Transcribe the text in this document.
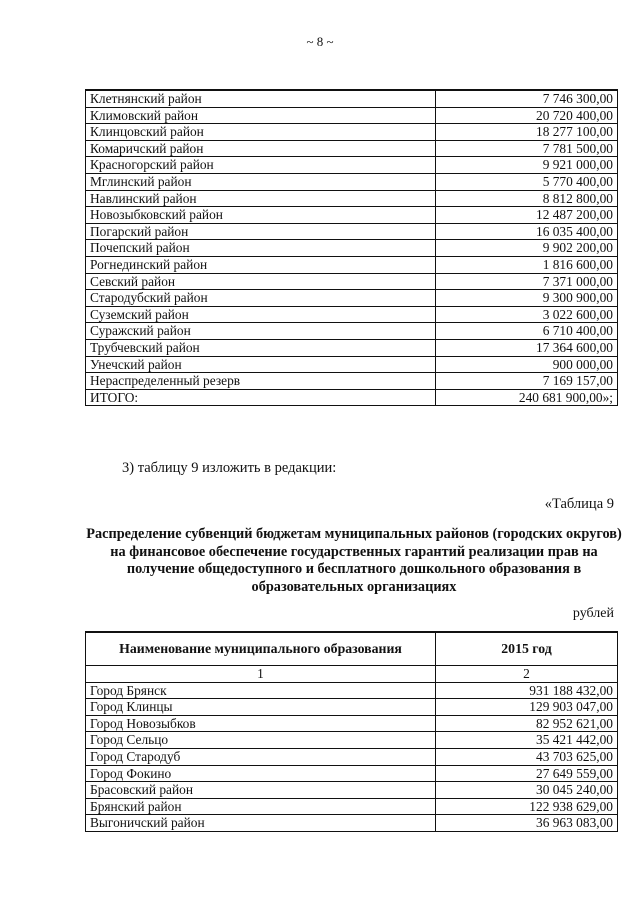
~ 8 ~
Клетнянский район	7 746 300,00
Климовский район	20 720 400,00
Клинцовский район	18 277 100,00
Комаричский район	7 781 500,00
Красногорский район	9 921 000,00
Мглинский район	5 770 400,00
Навлинский район	8 812 800,00
Новозыбковский район	12 487 200,00
Погарский район	16 035 400,00
Почепский район	9 902 200,00
Рогнединский район	1 816 600,00
Севский район	7 371 000,00
Стародубский район	9 300 900,00
Суземский район	3 022 600,00
Суражский район	6 710 400,00
Трубчевский район	17 364 600,00
Унечский район	900 000,00
Нераспределенный резерв	7 169 157,00
ИТОГО:	240 681 900,00»;
3) таблицу 9 изложить в редакции:
«Таблица 9
Распределение субвенций бюджетам муниципальных районов (городских округов) на финансовое обеспечение государственных гарантий реализации прав на получение общедоступного и бесплатного дошкольного образования в образовательных организациях
рублей
Наименование муниципального образования	2015 год
1	2
Город Брянск	931 188 432,00
Город Клинцы	129 903 047,00
Город Новозыбков	82 952 621,00
Город Сельцо	35 421 442,00
Город Стародуб	43 703 625,00
Город Фокино	27 649 559,00
Брасовский район	30 045 240,00
Брянский район	122 938 629,00
Выгоничский район	36 963 083,00
